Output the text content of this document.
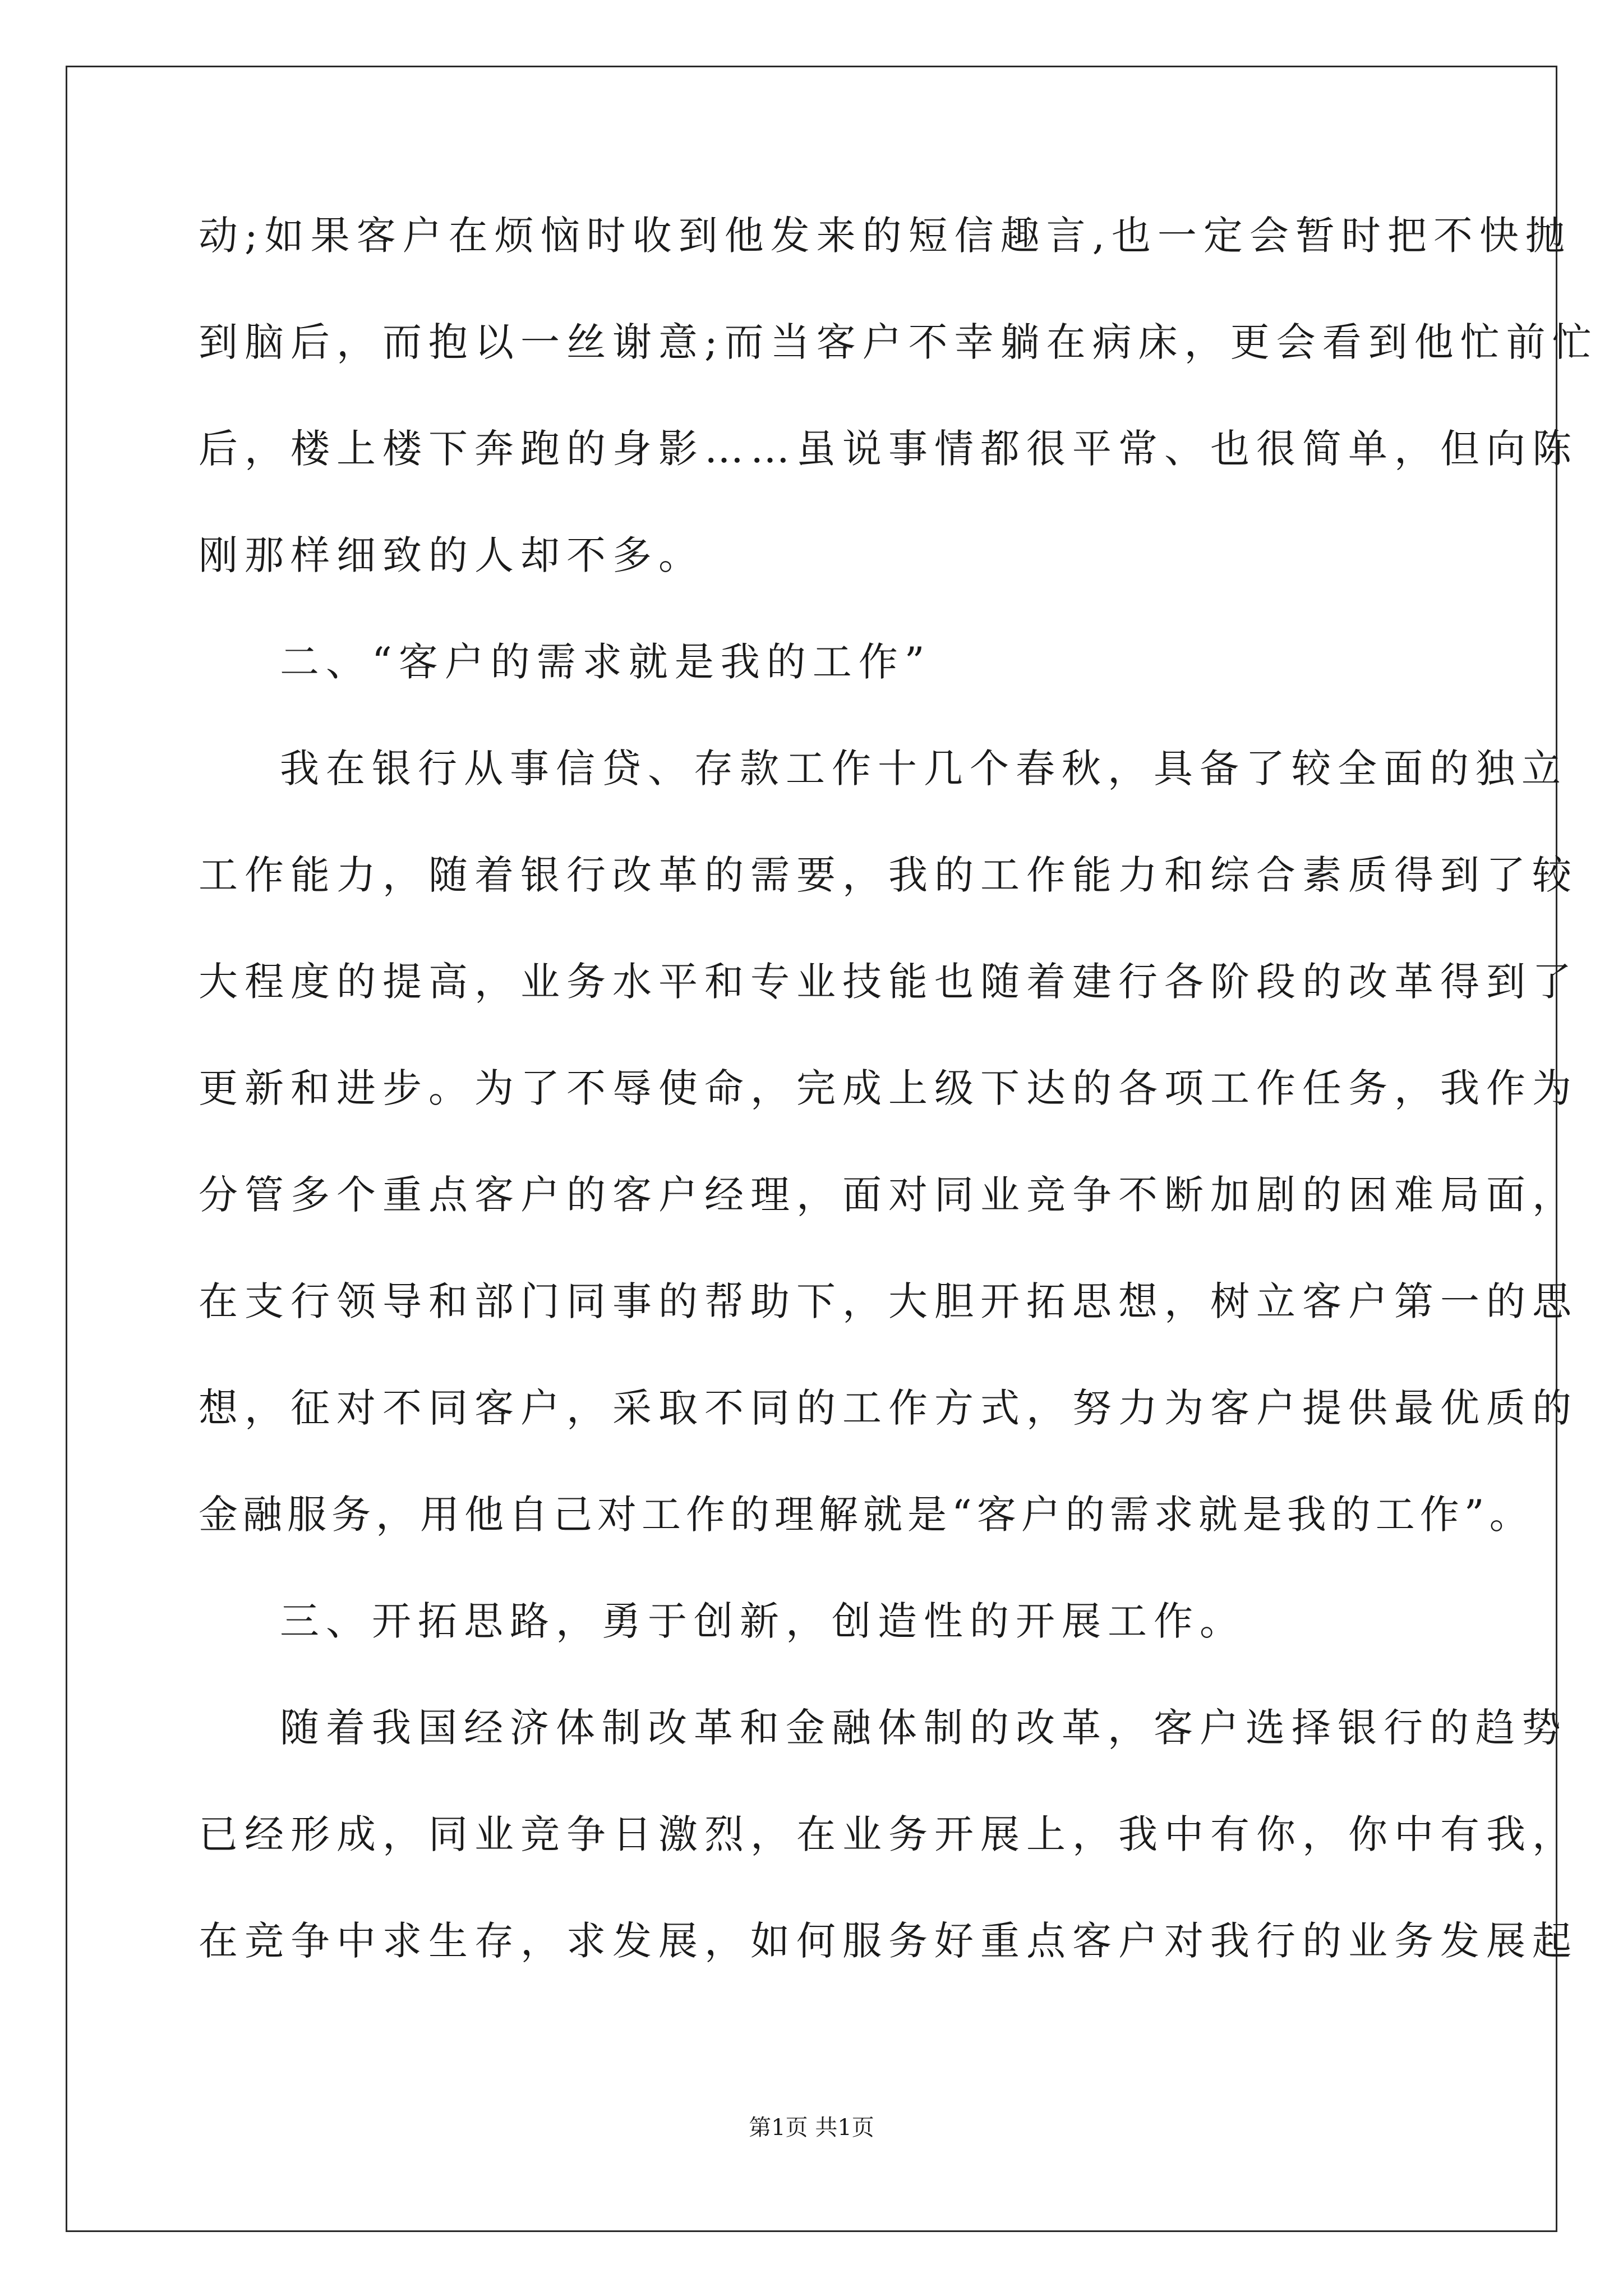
动;如果客户在烦恼时收到他发来的短信趣言,也一定会暂时把不快抛
到脑后，而抱以一丝谢意;而当客户不幸躺在病床，更会看到他忙前忙
后，楼上楼下奔跑的身影……虽说事情都很平常、也很简单，但向陈
刚那样细致的人却不多。
二、“客户的需求就是我的工作”
我在银行从事信贷、存款工作十几个春秋，具备了较全面的独立
工作能力，随着银行改革的需要，我的工作能力和综合素质得到了较
大程度的提高，业务水平和专业技能也随着建行各阶段的改革得到了
更新和进步。为了不辱使命，完成上级下达的各项工作任务，我作为
分管多个重点客户的客户经理，面对同业竞争不断加剧的困难局面，
在支行领导和部门同事的帮助下，大胆开拓思想，树立客户第一的思
想，征对不同客户，采取不同的工作方式，努力为客户提供最优质的
金融服务，用他自己对工作的理解就是“客户的需求就是我的工作”。
三、开拓思路，勇于创新，创造性的开展工作。
随着我国经济体制改革和金融体制的改革，客户选择银行的趋势
已经形成，同业竞争日激烈，在业务开展上，我中有你，你中有我，
在竞争中求生存，求发展，如何服务好重点客户对我行的业务发展起
第1页 共1页
